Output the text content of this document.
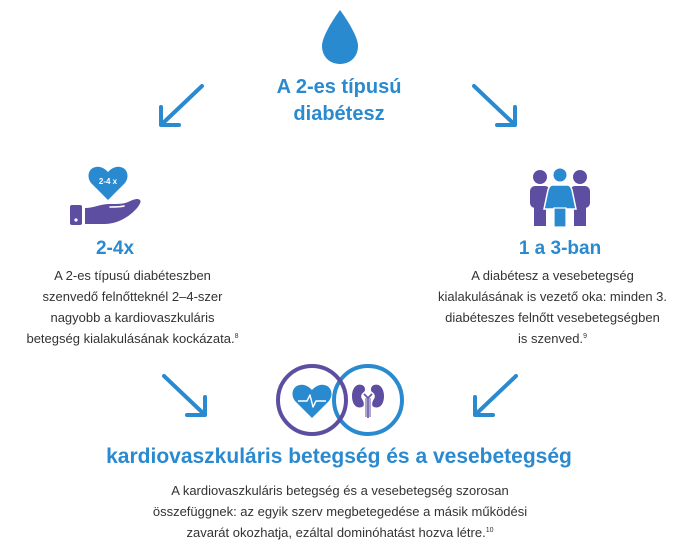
A 2-es típusú
diabétesz
2-4 x
2-4x
A 2-es típusú diabéteszben
szenvedő felnőtteknél 2–4-szer
nagyobb a kardiovaszkuláris
betegség kialakulásának kockázata.$^8$
1 a 3-ban
A diabétesz a vesebetegség
kialakulásának is vezető oka: minden 3.
diabéteszes felnőtt vesebetegségben
is szenved.$^9$
kardiovaszkuláris betegség és a vesebetegség
A kardiovaszkuláris betegség és a vesebetegség szorosan
összefüggnek: az egyik szerv megbetegedése a másik működési
zavarát okozhatja, ezáltal dominóhatást hozva létre.$^{10}$
